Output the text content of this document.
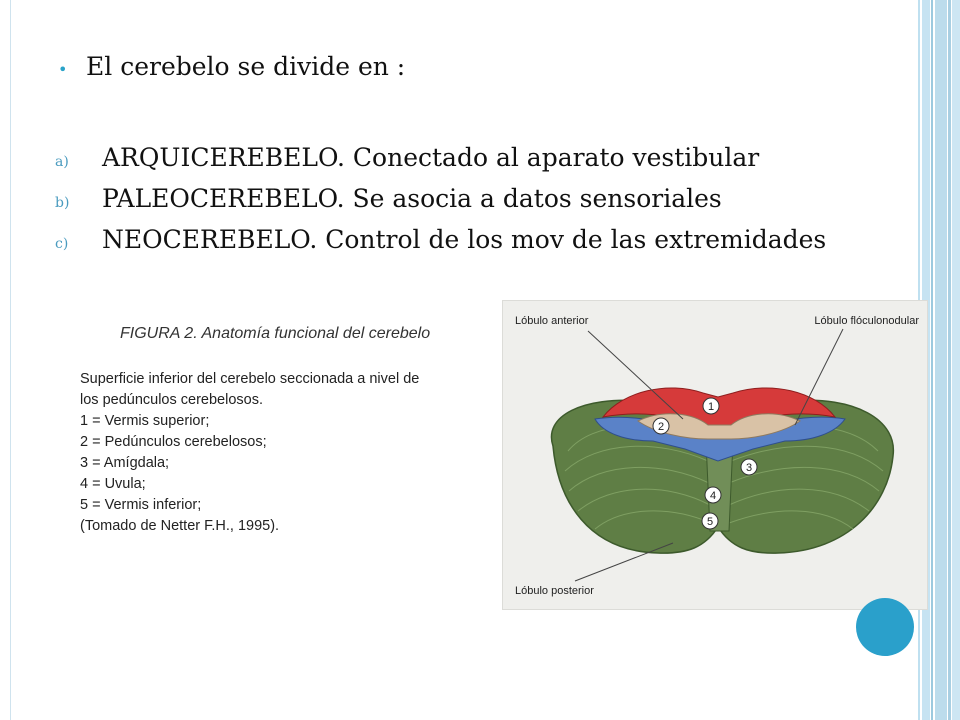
• El cerebelo se divide en :
a)	ARQUICEREBELO. Conectado al aparato vestibular
b)	PALEOCEREBELO. Se asocia a datos sensoriales
c)	NEOCEREBELO. Control de los mov de las extremidades
FIGURA 2. Anatomía funcional del cerebelo
Superficie inferior del cerebelo seccionada a nivel de
los pedúnculos cerebelosos.
1 = Vermis superior;
2 = Pedúnculos cerebelosos;
3 = Amígdala;
4 = Uvula;
5 = Vermis inferior;
(Tomado de Netter F.H., 1995).
1
2
3
4
5
Lóbulo anterior	Lóbulo flóculonodular
Lóbulo posterior
